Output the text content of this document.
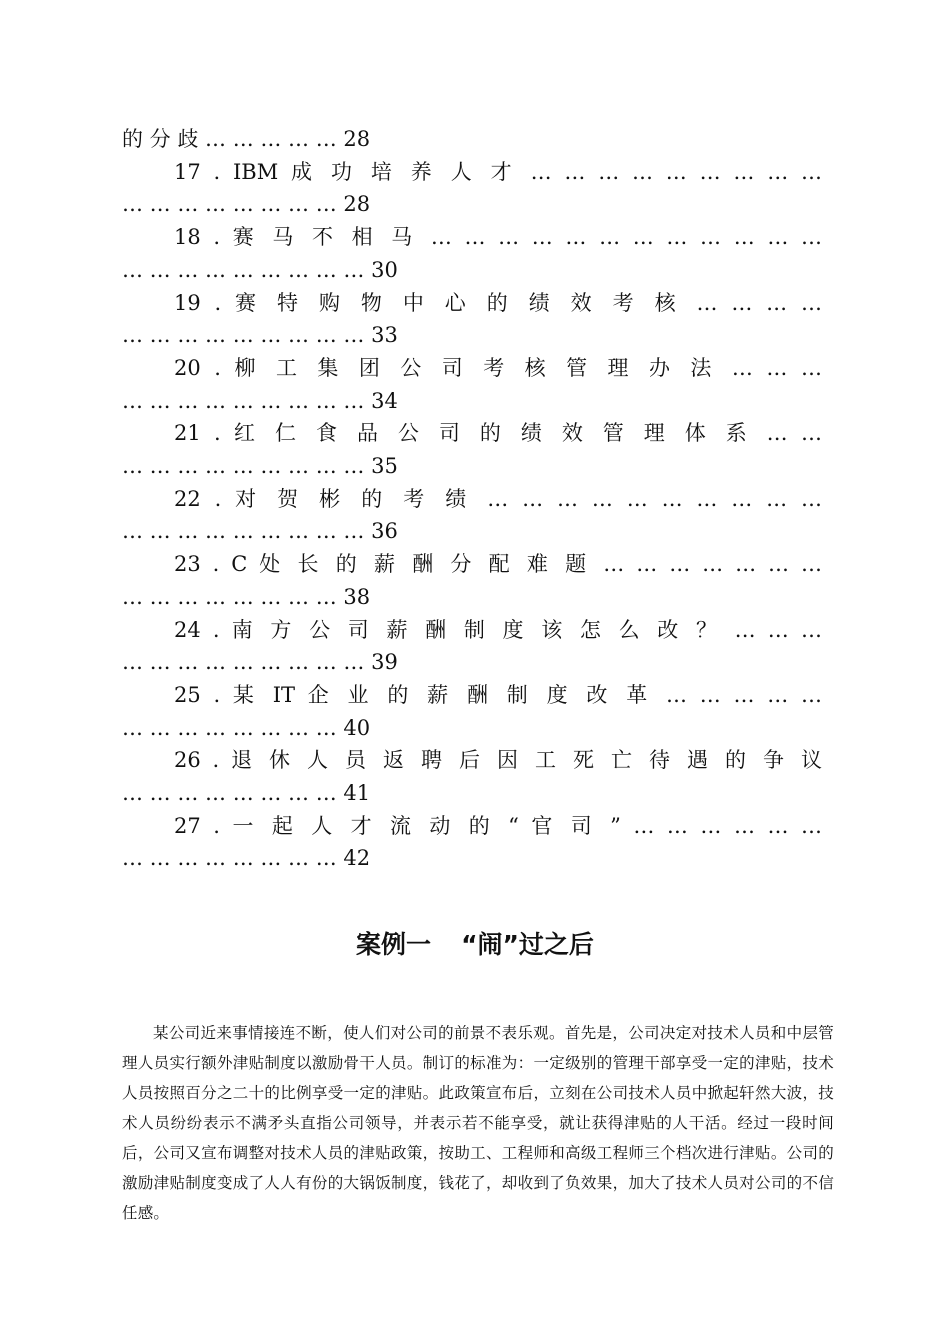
的 分 歧 … … … … … 28
17 . IBM 成 功 培 养 人 才 … … … … … … … … …
… … … … … … … … 28
18 . 赛 马 不 相 马 … … … … … … … … … … … …
… … … … … … … … … 30
19 . 赛 特 购 物 中 心 的 绩 效 考 核 … … … …
… … … … … … … … … 33
20 . 柳 工 集 团 公 司 考 核 管 理 办 法 … … …
… … … … … … … … … 34
21 . 红 仁 食 品 公 司 的 绩 效 管 理 体 系 … …
… … … … … … … … … 35
22 . 对 贺 彬 的 考 绩 … … … … … … … … … …
… … … … … … … … … 36
23 . C 处 长 的 薪 酬 分 配 难 题 … … … … … … …
… … … … … … … … 38
24 . 南 方 公 司 薪 酬 制 度 该 怎 么 改 ？ … … …
… … … … … … … … … 39
25 . 某 IT 企 业 的 薪 酬 制 度 改 革 … … … … …
… … … … … … … … 40
26 . 退 休 人 员 返 聘 后 因 工 死 亡 待 遇 的 争 议
… … … … … … … … 41
27 . 一 起 人 才 流 动 的 “ 官 司 ” … … … … … …
… … … … … … … … 42
案例一 “闹”过之后

某公司近来事情接连不断，使人们对公司的前景不表乐观。首先是，公司决定对技术人员和中层管理人员实行额外津贴制度以激励骨干人员。制订的标准为：一定级别的管理干部享受一定的津贴，技术人员按照百分之二十的比例享受一定的津贴。此政策宣布后，立刻在公司技术人员中掀起轩然大波，技术人员纷纷表示不满矛头直指公司领导，并表示若不能享受，就让获得津贴的人干活。经过一段时间后，公司又宣布调整对技术人员的津贴政策，按助工、工程师和高级工程师三个档次进行津贴。公司的激励津贴制度变成了人人有份的大锅饭制度，钱花了，却收到了负效果，加大了技术人员对公司的不信任感。
